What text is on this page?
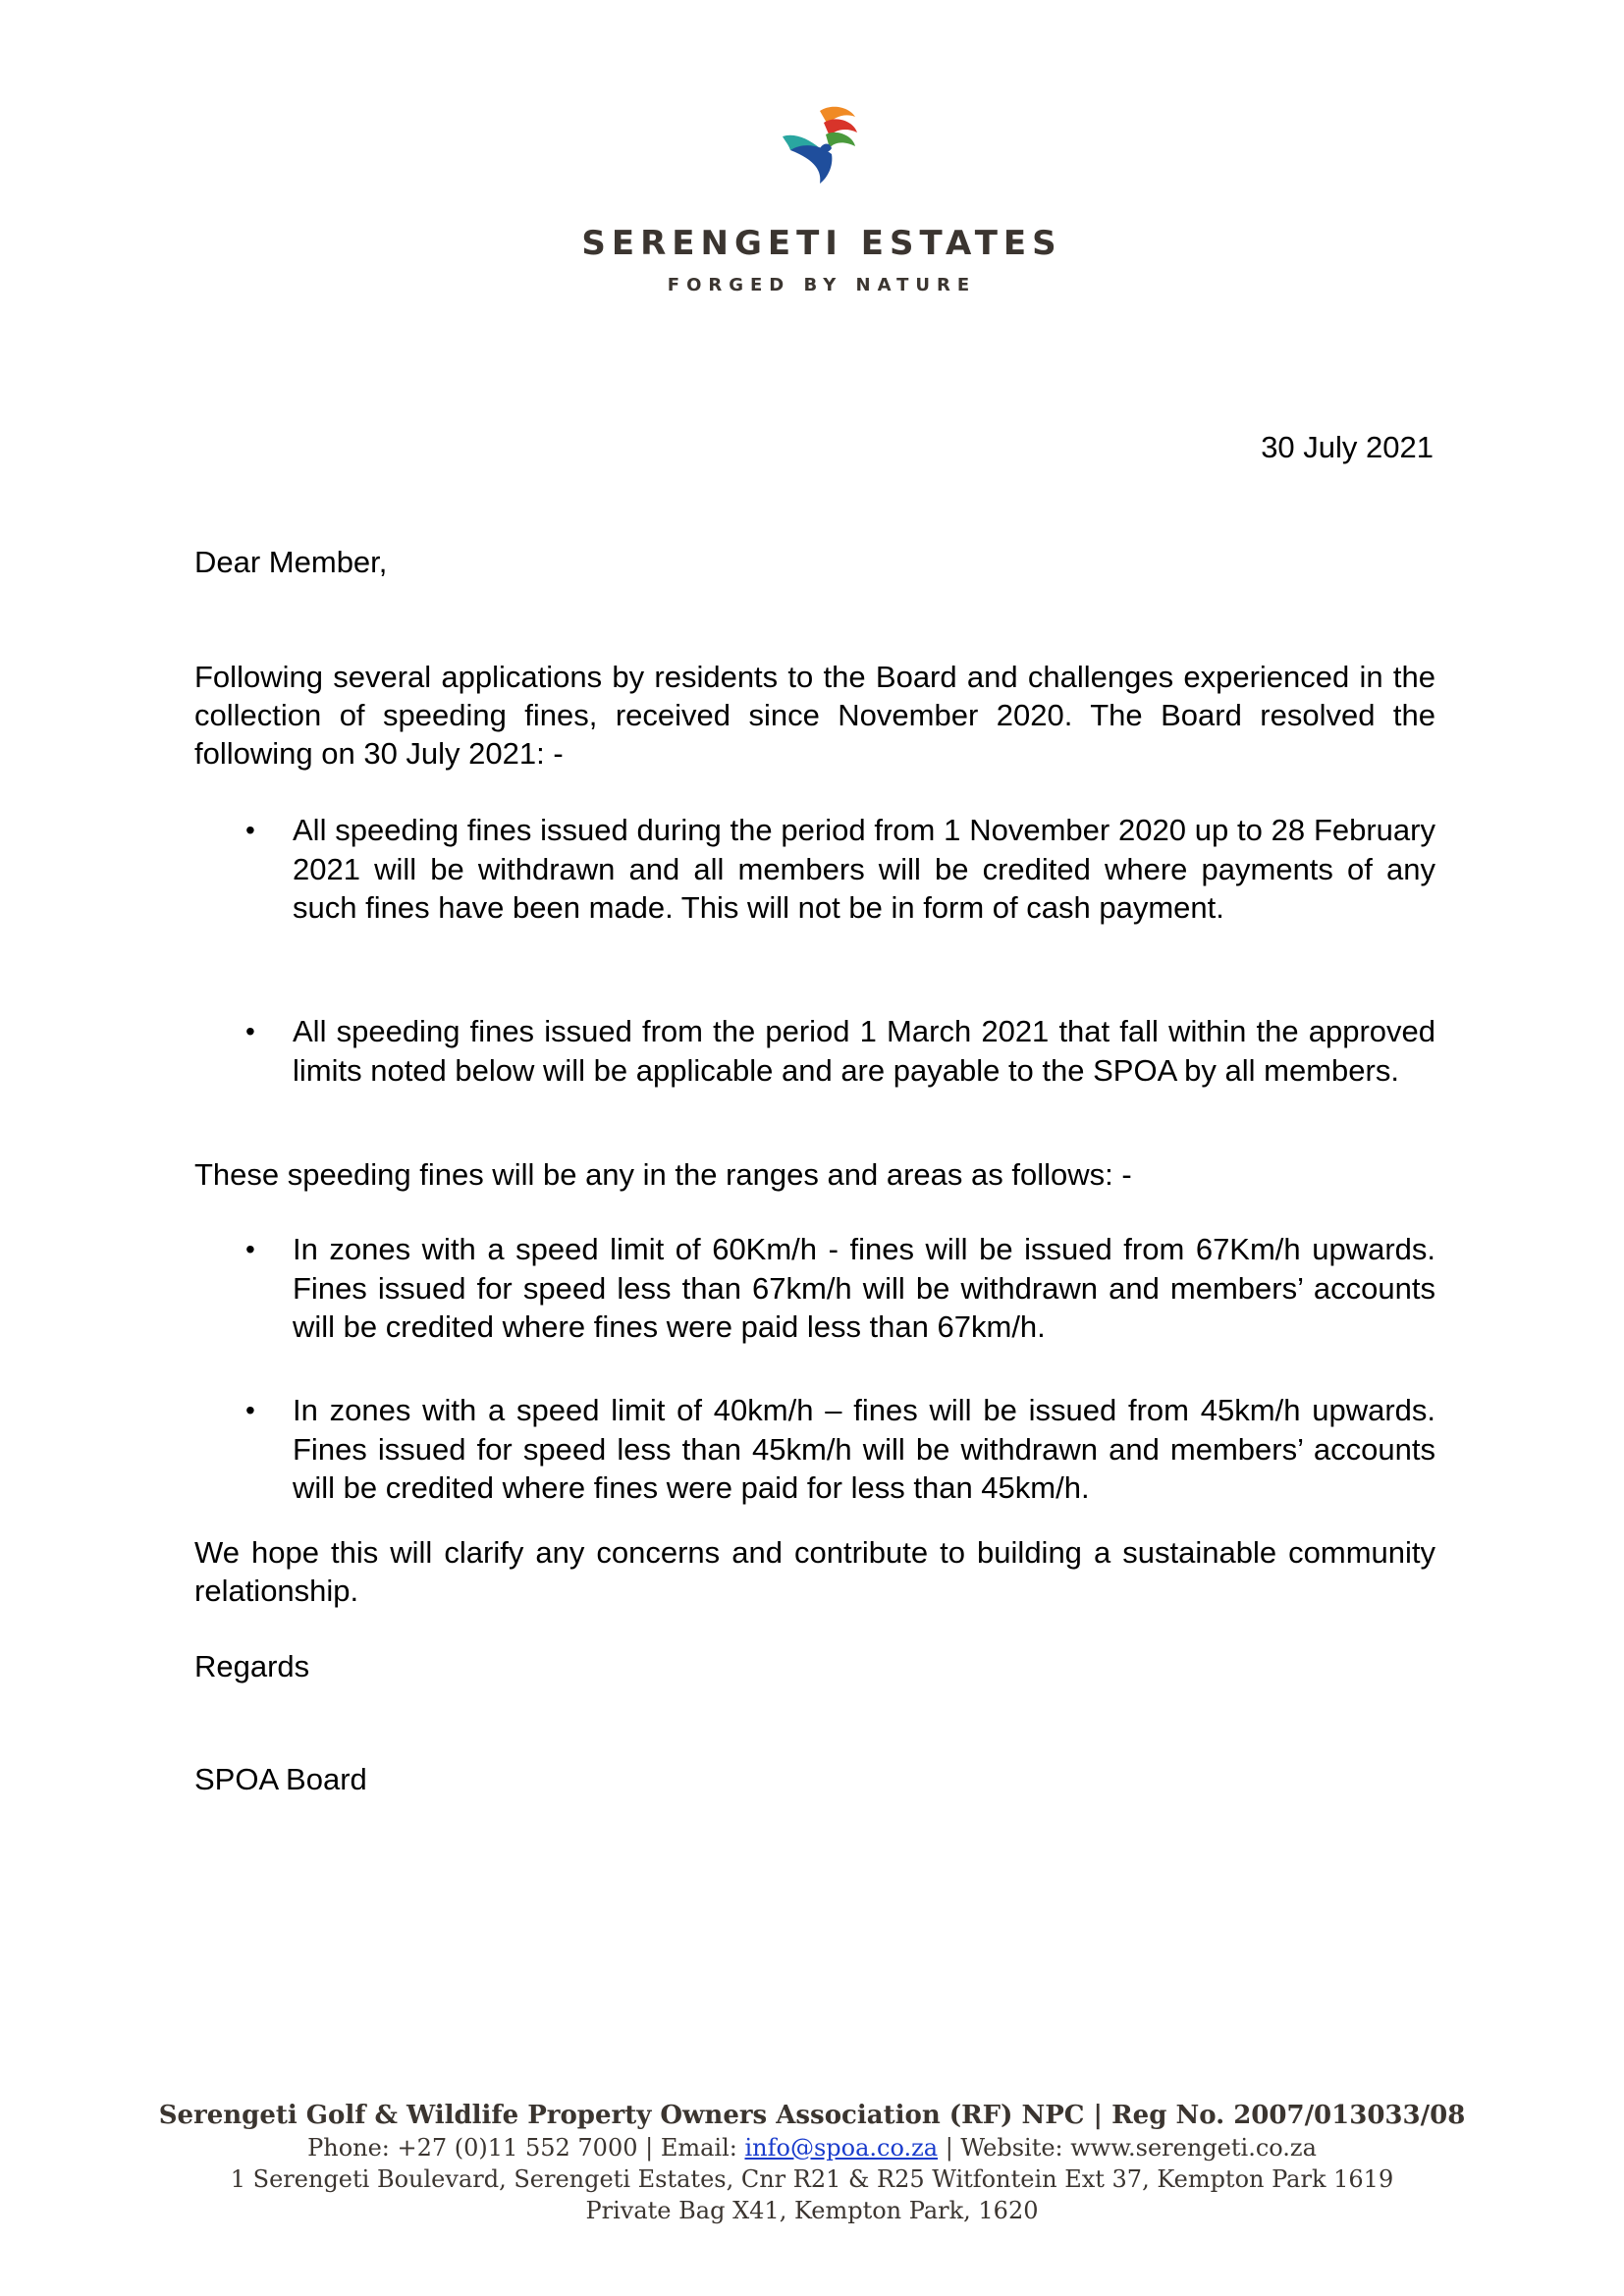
SERENGETI ESTATES
FORGED BY NATURE
30 July 2021
Dear Member,
Following several applications by residents to the Board and challenges experienced in the collection of speeding fines, received since November 2020. The Board resolved the following on 30 July 2021: -
• All speeding fines issued during the period from 1 November 2020 up to 28 February 2021 will be withdrawn and all members will be credited where payments of any such fines have been made. This will not be in form of cash payment.
• All speeding fines issued from the period 1 March 2021 that fall within the approved limits noted below will be applicable and are payable to the SPOA by all members.
These speeding fines will be any in the ranges and areas as follows: -
• In zones with a speed limit of 60Km/h - fines will be issued from 67Km/h upwards. Fines issued for speed less than 67km/h will be withdrawn and members’ accounts will be credited where fines were paid less than 67km/h.
• In zones with a speed limit of 40km/h – fines will be issued from 45km/h upwards. Fines issued for speed less than 45km/h will be withdrawn and members’ accounts will be credited where fines were paid for less than 45km/h.
We hope this will clarify any concerns and contribute to building a sustainable community relationship.
Regards
SPOA Board
Serengeti Golf & Wildlife Property Owners Association (RF) NPC | Reg No. 2007/013033/08
Phone: +27 (0)11 552 7000 | Email: info@spoa.co.za | Website: www.serengeti.co.za
1 Serengeti Boulevard, Serengeti Estates, Cnr R21 & R25 Witfontein Ext 37, Kempton Park 1619
Private Bag X41, Kempton Park, 1620
